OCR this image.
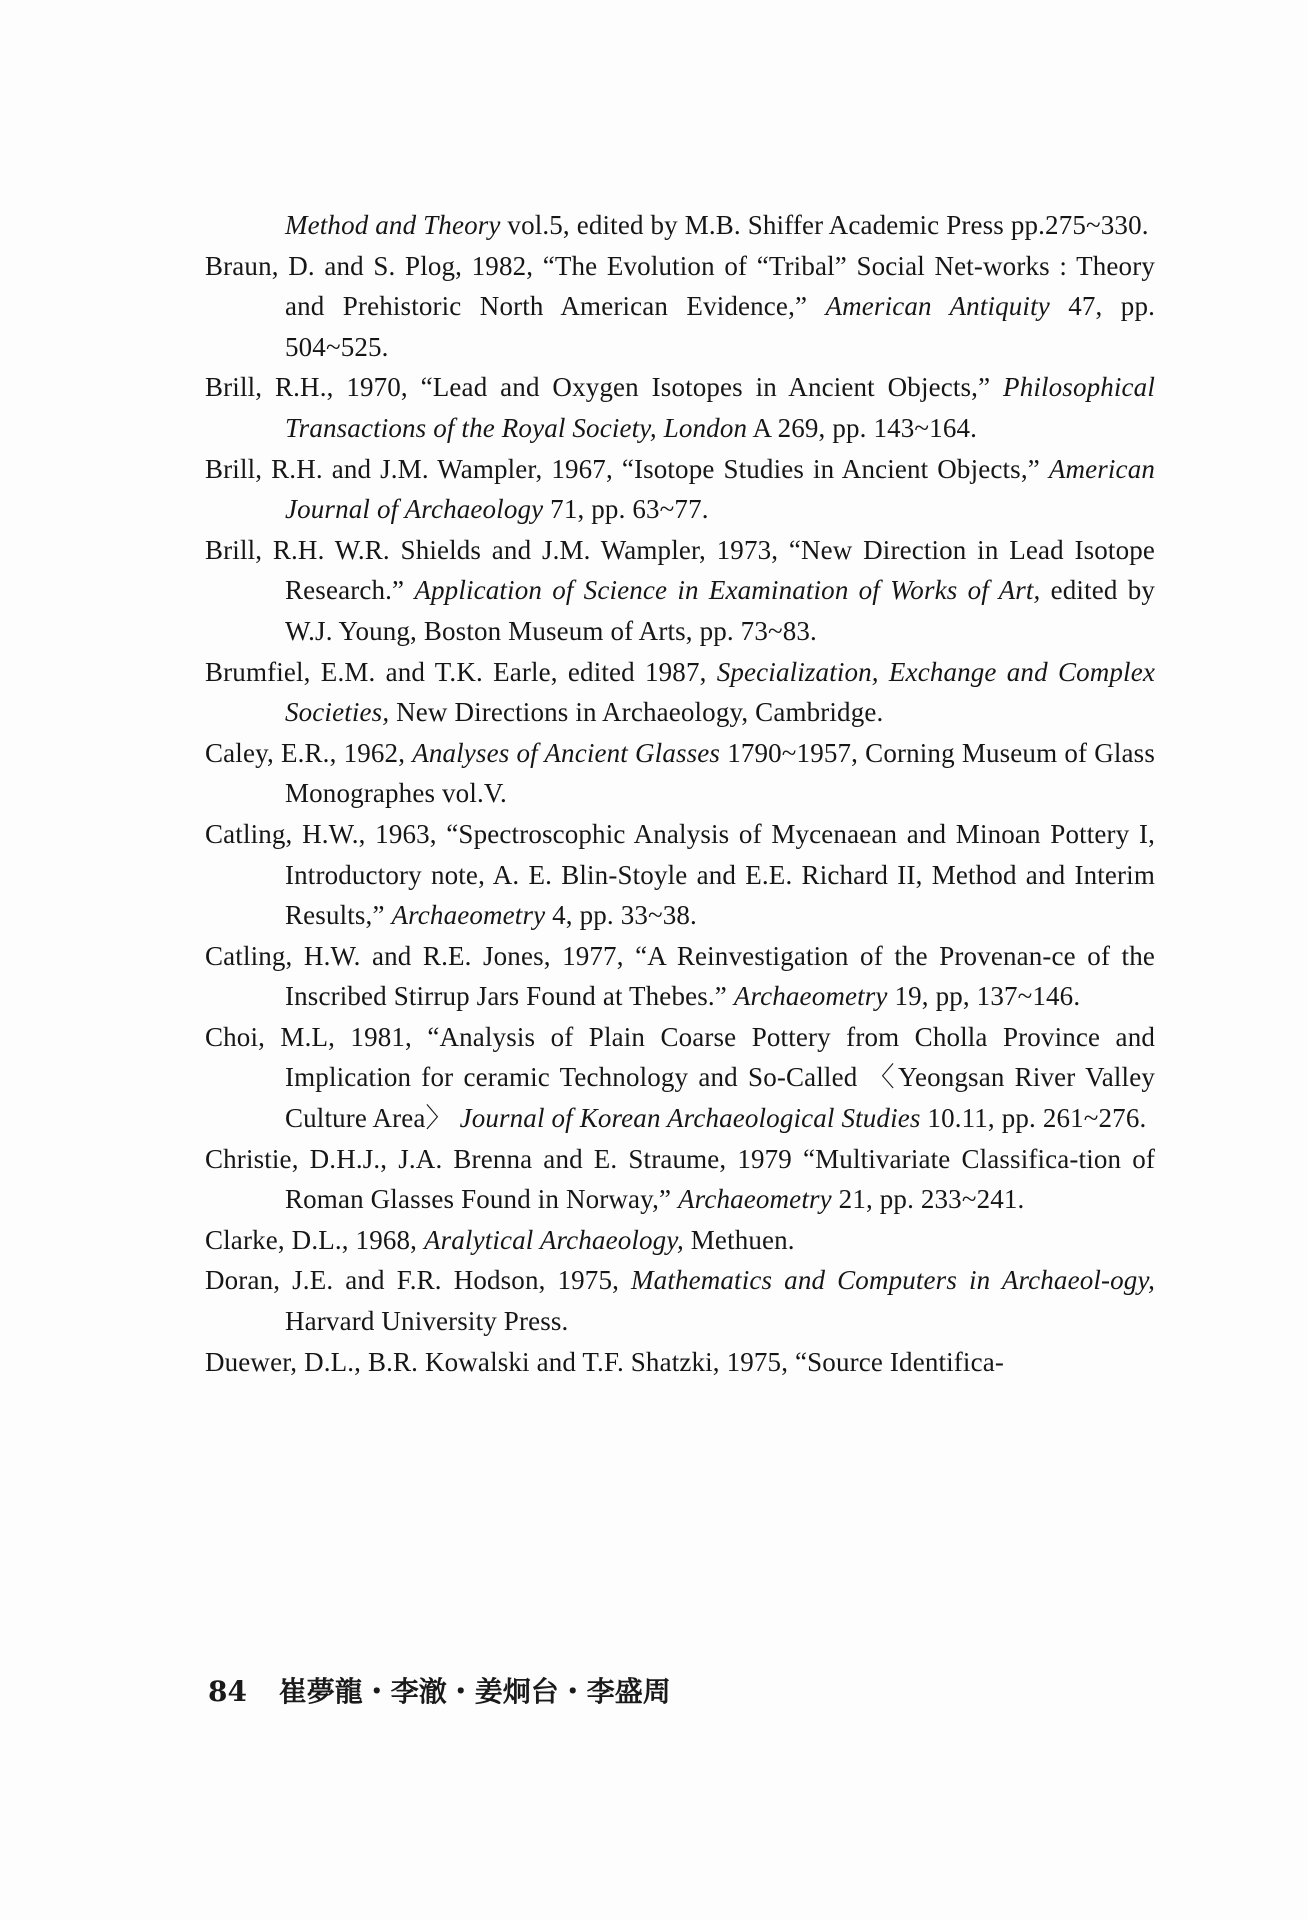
Method and Theory vol.5, edited by M.B. Shiffer Academic Press pp.275~330.

Braun, D. and S. Plog, 1982, “The Evolution of “Tribal” Social Net-works : Theory and Prehistoric North American Evidence,” American Antiquity 47, pp. 504~525.

Brill, R.H., 1970, “Lead and Oxygen Isotopes in Ancient Objects,” Philosophical Transactions of the Royal Society, London A 269, pp. 143~164.

Brill, R.H. and J.M. Wampler, 1967, “Isotope Studies in Ancient Objects,” American Journal of Archaeology 71, pp. 63~77.

Brill, R.H. W.R. Shields and J.M. Wampler, 1973, “New Direction in Lead Isotope Research.” Application of Science in Examination of Works of Art, edited by W.J. Young, Boston Museum of Arts, pp. 73~83.

Brumfiel, E.M. and T.K. Earle, edited 1987, Specialization, Exchange and Complex Societies, New Directions in Archaeology, Cambridge.

Caley, E.R., 1962, Analyses of Ancient Glasses 1790~1957, Corning Museum of Glass Monographes vol.V.

Catling, H.W., 1963, “Spectroscophic Analysis of Mycenaean and Minoan Pottery I, Introductory note, A. E. Blin-Stoyle and E.E. Richard II, Method and Interim Results,” Archaeometry 4, pp. 33~38.

Catling, H.W. and R.E. Jones, 1977, “A Reinvestigation of the Provenan-ce of the Inscribed Stirrup Jars Found at Thebes.” Archaeometry 19, pp, 137~146.

Choi, M.L, 1981, “Analysis of Plain Coarse Pottery from Cholla Province and Implication for ceramic Technology and So-Called 〈Yeongsan River Valley Culture Area〉 Journal of Korean Archaeological Studies 10.11, pp. 261~276.

Christie, D.H.J., J.A. Brenna and E. Straume, 1979 “Multivariate Classifica-tion of Roman Glasses Found in Norway,” Archaeometry 21, pp. 233~241.

Clarke, D.L., 1968, Aralytical Archaeology, Methuen.

Doran, J.E. and F.R. Hodson, 1975, Mathematics and Computers in Archaeol-ogy, Harvard University Press.

Duewer, D.L., B.R. Kowalski and T.F. Shatzki, 1975, “Source Identifica-

84 崔夢龍・李澈・姜炯台・李盛周
